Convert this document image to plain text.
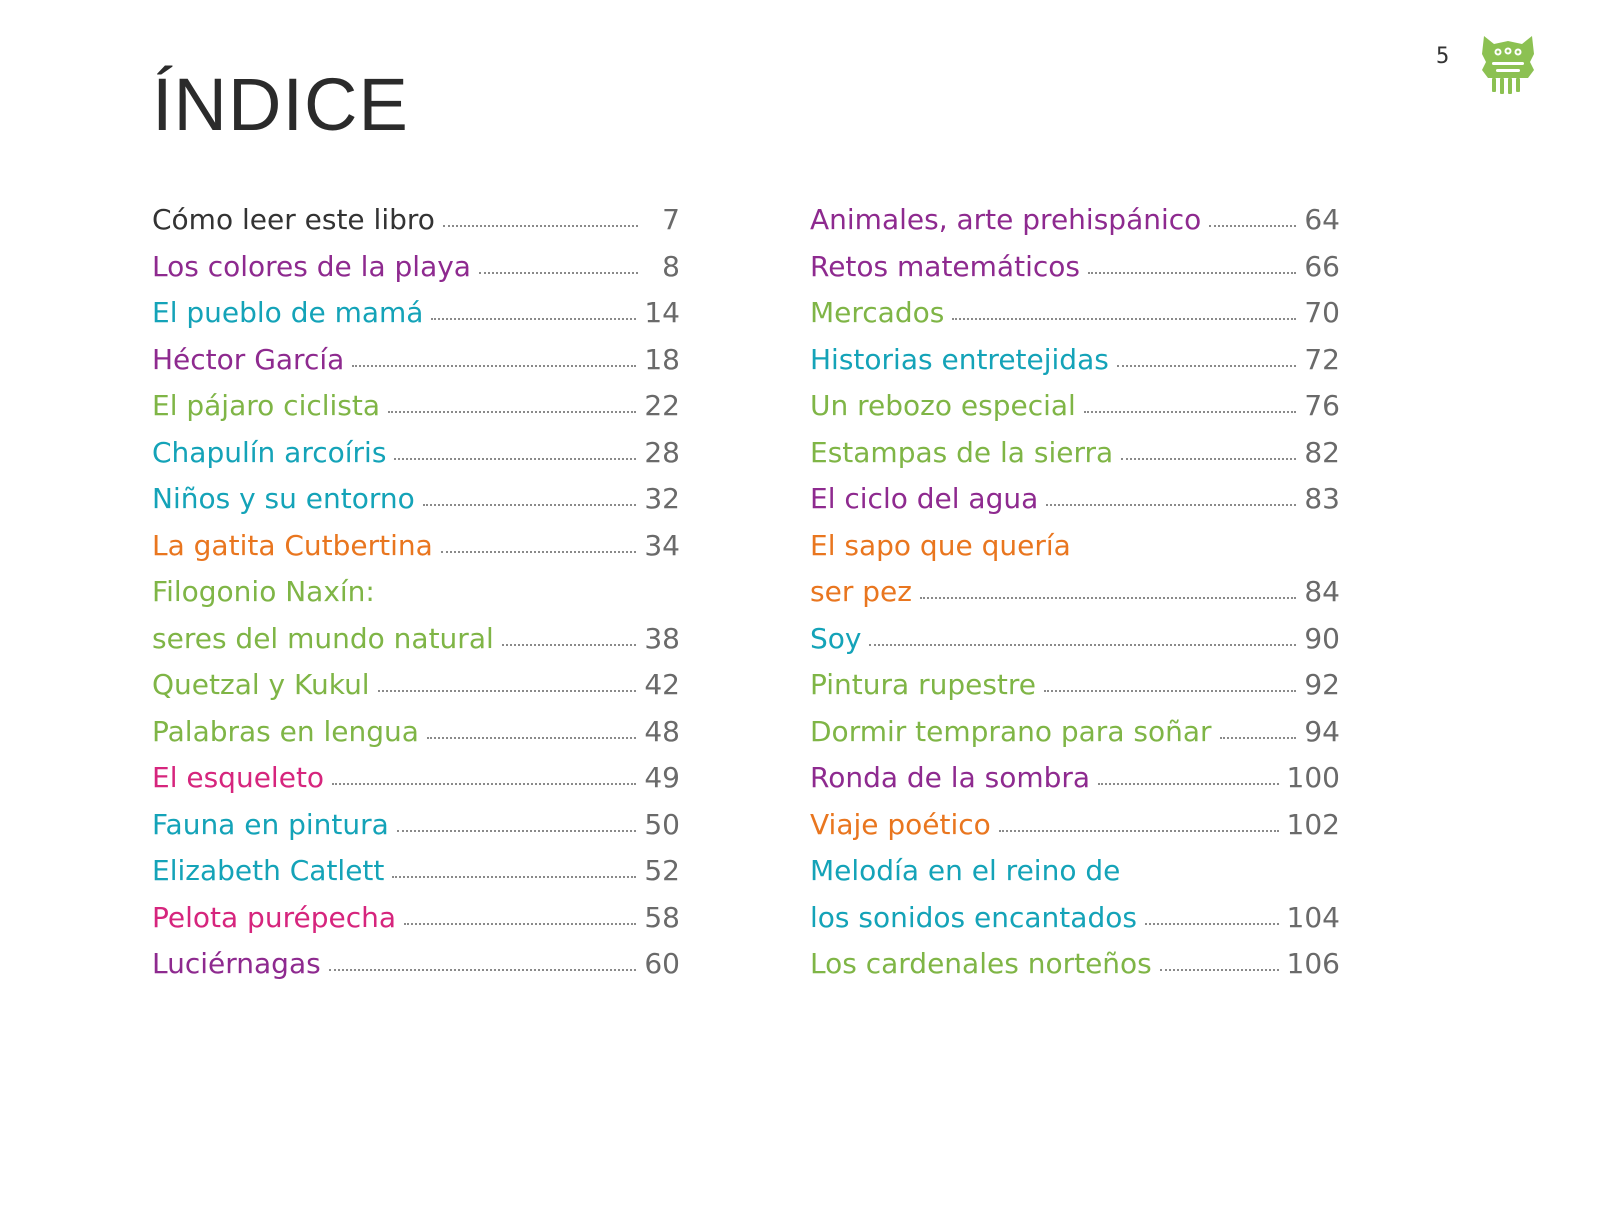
5
ÍNDICE
Cómo leer este libro	7
Los colores de la playa	8
El pueblo de mamá	14
Héctor García	18
El pájaro ciclista	22
Chapulín arcoíris	28
Niños y su entorno	32
La gatita Cutbertina	34
Filogonio Naxín:
seres del mundo natural	38
Quetzal y Kukul	42
Palabras en lengua	48
El esqueleto	49
Fauna en pintura	50
Elizabeth Catlett	52
Pelota purépecha	58
Luciérnagas	60
Animales, arte prehispánico	64
Retos matemáticos	66
Mercados	70
Historias entretejidas	72
Un rebozo especial	76
Estampas de la sierra	82
El ciclo del agua	83
El sapo que quería
ser pez	84
Soy	90
Pintura rupestre	92
Dormir temprano para soñar	94
Ronda de la sombra	100
Viaje poético	102
Melodía en el reino de
los sonidos encantados	104
Los cardenales norteños	106
